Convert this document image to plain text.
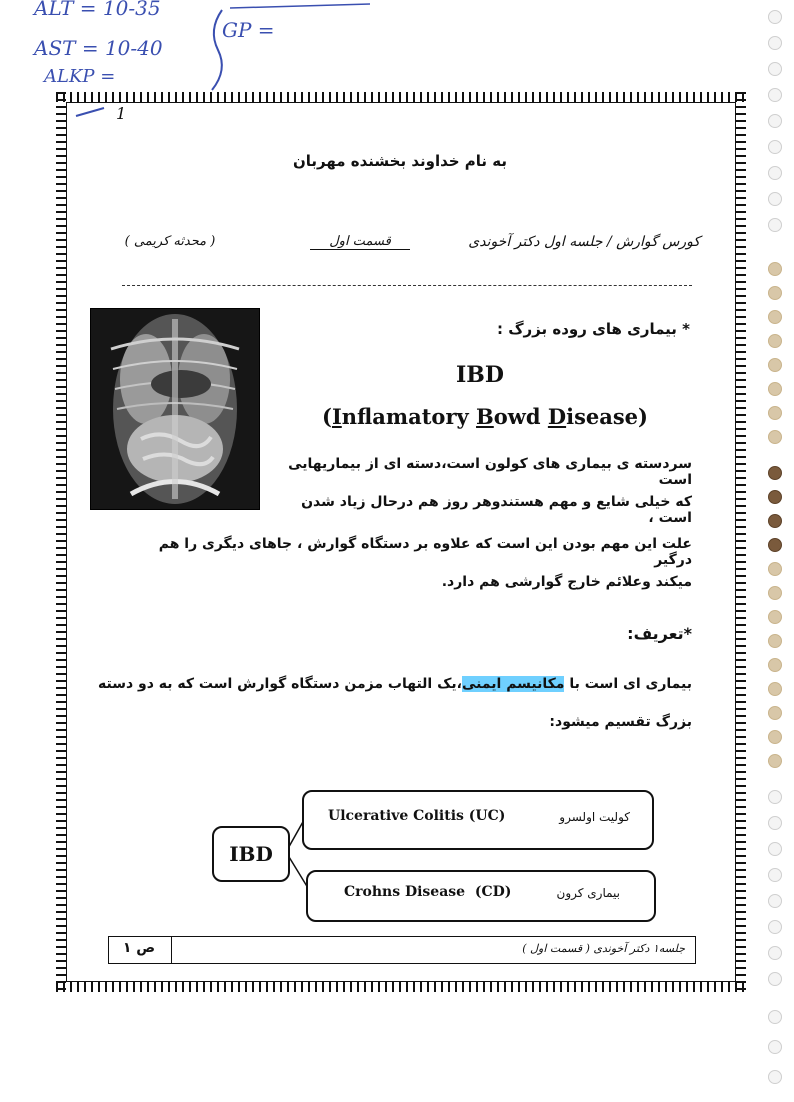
ALT = 10-35
AST = 10-40
ALKP =
GP =
1
به نام خداوند بخشنده مهربان
کورس گوارش / جلسه اول دکتر آخوندی
قسمت اول
( محدثه کریمی )
* بیماری های روده بزرگ :
IBD
(Inflamatory Bowd Disease)
سردسته ی بیماری های کولون است،دسته ای از بیماریهایی است
که خیلی شایع و مهم هستندوهر روز هم درحال زیاد شدن است ،
علت این مهم بودن این است که علاوه بر دستگاه گوارش ، جاهای دیگری را هم درگیر
میکند وعلائم خارج گوارشی هم دارد.
*تعریف:
بیماری ای است با مکانیسم ایمنی،یک التهاب مزمن دستگاه گوارش است که به دو دسته
بزرگ تقسیم میشود:
IBD
Ulcerative Colitis (UC)	کولیت اولسرو
Crohns Disease  (CD)	بیماری کرون
ص ۱	جلسه۱ دکتر آخوندی ( قسمت اول )
